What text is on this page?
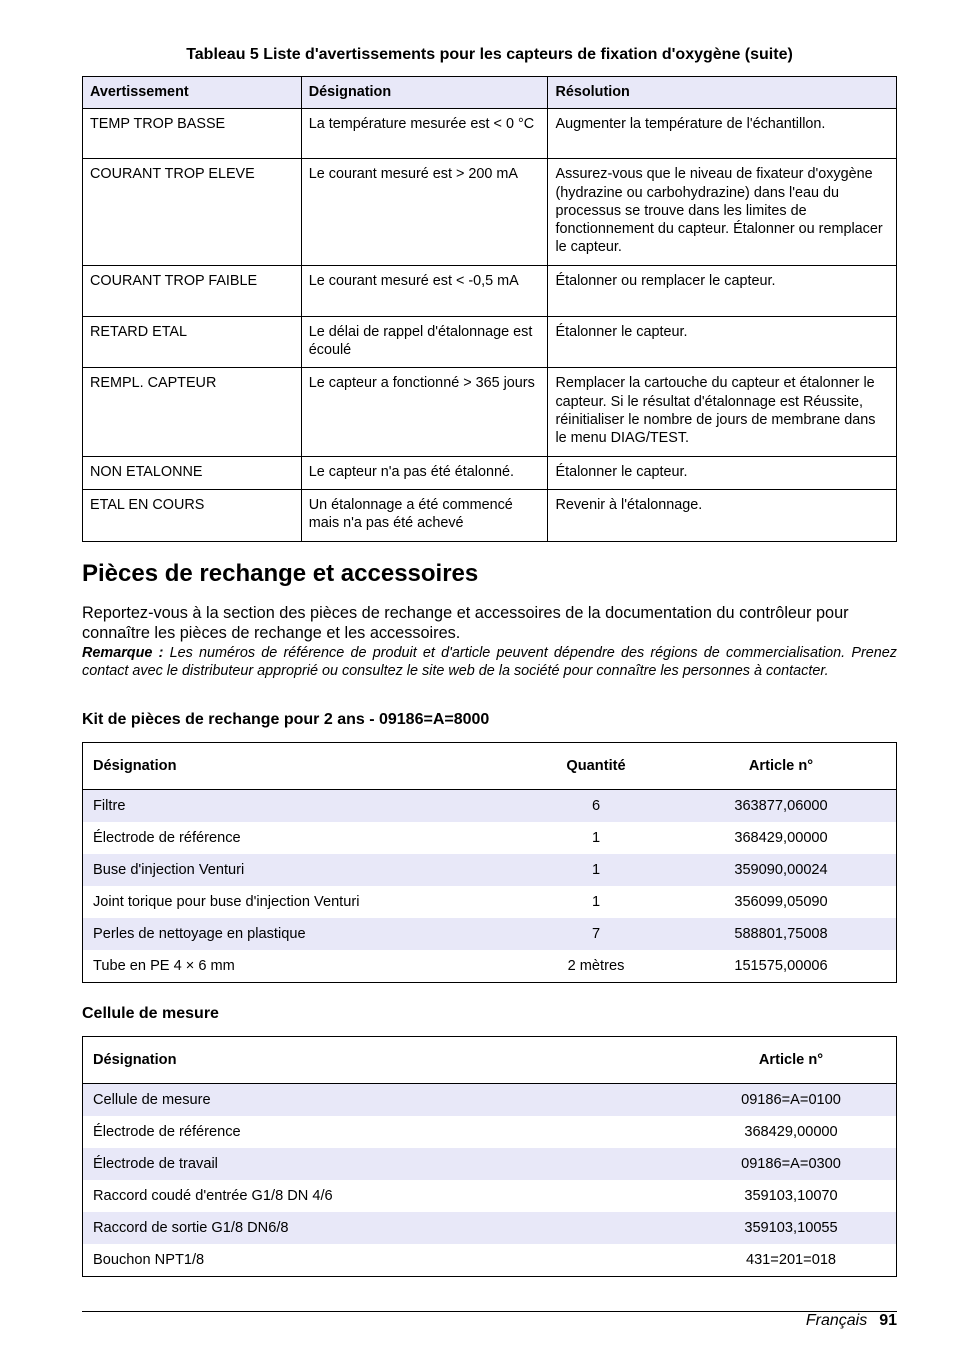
Tableau 5 Liste d'avertissements pour les capteurs de fixation d'oxygène (suite)
Avertissement	Désignation	Résolution
TEMP TROP BASSE	La température mesurée est < 0 °C	Augmenter la température de l'échantillon.
COURANT TROP ELEVE	Le courant mesuré est > 200 mA	Assurez-vous que le niveau de fixateur d'oxygène (hydrazine ou carbohydrazine) dans l'eau du processus se trouve dans les limites de fonctionnement du capteur. Étalonner ou remplacer le capteur.
COURANT TROP FAIBLE	Le courant mesuré est < -0,5 mA	Étalonner ou remplacer le capteur.
RETARD ETAL	Le délai de rappel d'étalonnage est écoulé	Étalonner le capteur.
REMPL. CAPTEUR	Le capteur a fonctionné > 365 jours	Remplacer la cartouche du capteur et étalonner le capteur. Si le résultat d'étalonnage est Réussite, réinitialiser le nombre de jours de membrane dans le menu DIAG/TEST.
NON ETALONNE	Le capteur n'a pas été étalonné.	Étalonner le capteur.
ETAL EN COURS	Un étalonnage a été commencé mais n'a pas été achevé	Revenir à l'étalonnage.
Pièces de rechange et accessoires

Reportez-vous à la section des pièces de rechange et accessoires de la documentation du contrôleur pour connaître les pièces de rechange et les accessoires.

Remarque : Les numéros de référence de produit et d'article peuvent dépendre des régions de commercialisation. Prenez contact avec le distributeur approprié ou consultez le site web de la société pour connaître les personnes à contacter.

Kit de pièces de rechange pour 2 ans - 09186=A=8000
Désignation	Quantité	Article n°
Filtre	6	363877,06000
Électrode de référence	1	368429,00000
Buse d'injection Venturi	1	359090,00024
Joint torique pour buse d'injection Venturi	1	356099,05090
Perles de nettoyage en plastique	7	588801,75008
Tube en PE 4 × 6 mm	2 mètres	151575,00006
Cellule de mesure
Désignation	Article n°
Cellule de mesure	09186=A=0100
Électrode de référence	368429,00000
Électrode de travail	09186=A=0300
Raccord coudé d'entrée G1/8 DN 4/6	359103,10070
Raccord de sortie G1/8 DN6/8	359103,10055
Bouchon NPT1/8	431=201=018
Français 91
